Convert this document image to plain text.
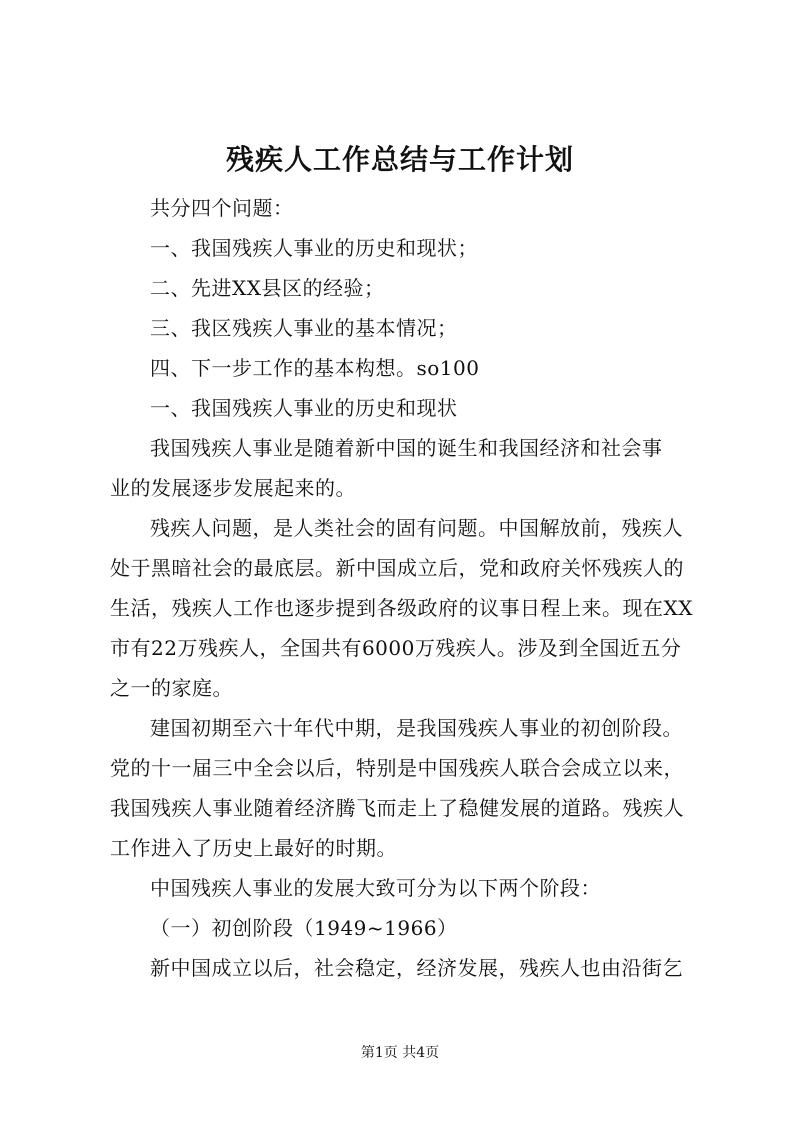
残疾人工作总结与工作计划
共分四个问题：
一、我国残疾人事业的历史和现状；
二、先进XX县区的经验；
三、我区残疾人事业的基本情况；
四、下一步工作的基本构想。so100
一、我国残疾人事业的历史和现状
我国残疾人事业是随着新中国的诞生和我国经济和社会事
业的发展逐步发展起来的。
残疾人问题，是人类社会的固有问题。中国解放前，残疾人
处于黑暗社会的最底层。新中国成立后，党和政府关怀残疾人的
生活，残疾人工作也逐步提到各级政府的议事日程上来。现在XX
市有22万残疾人，全国共有6000万残疾人。涉及到全国近五分
之一的家庭。
建国初期至六十年代中期，是我国残疾人事业的初创阶段。
党的十一届三中全会以后，特别是中国残疾人联合会成立以来，
我国残疾人事业随着经济腾飞而走上了稳健发展的道路。残疾人
工作进入了历史上最好的时期。
中国残疾人事业的发展大致可分为以下两个阶段：
（一）初创阶段（1949~1966）
新中国成立以后，社会稳定，经济发展，残疾人也由沿街乞
第1页 共4页
